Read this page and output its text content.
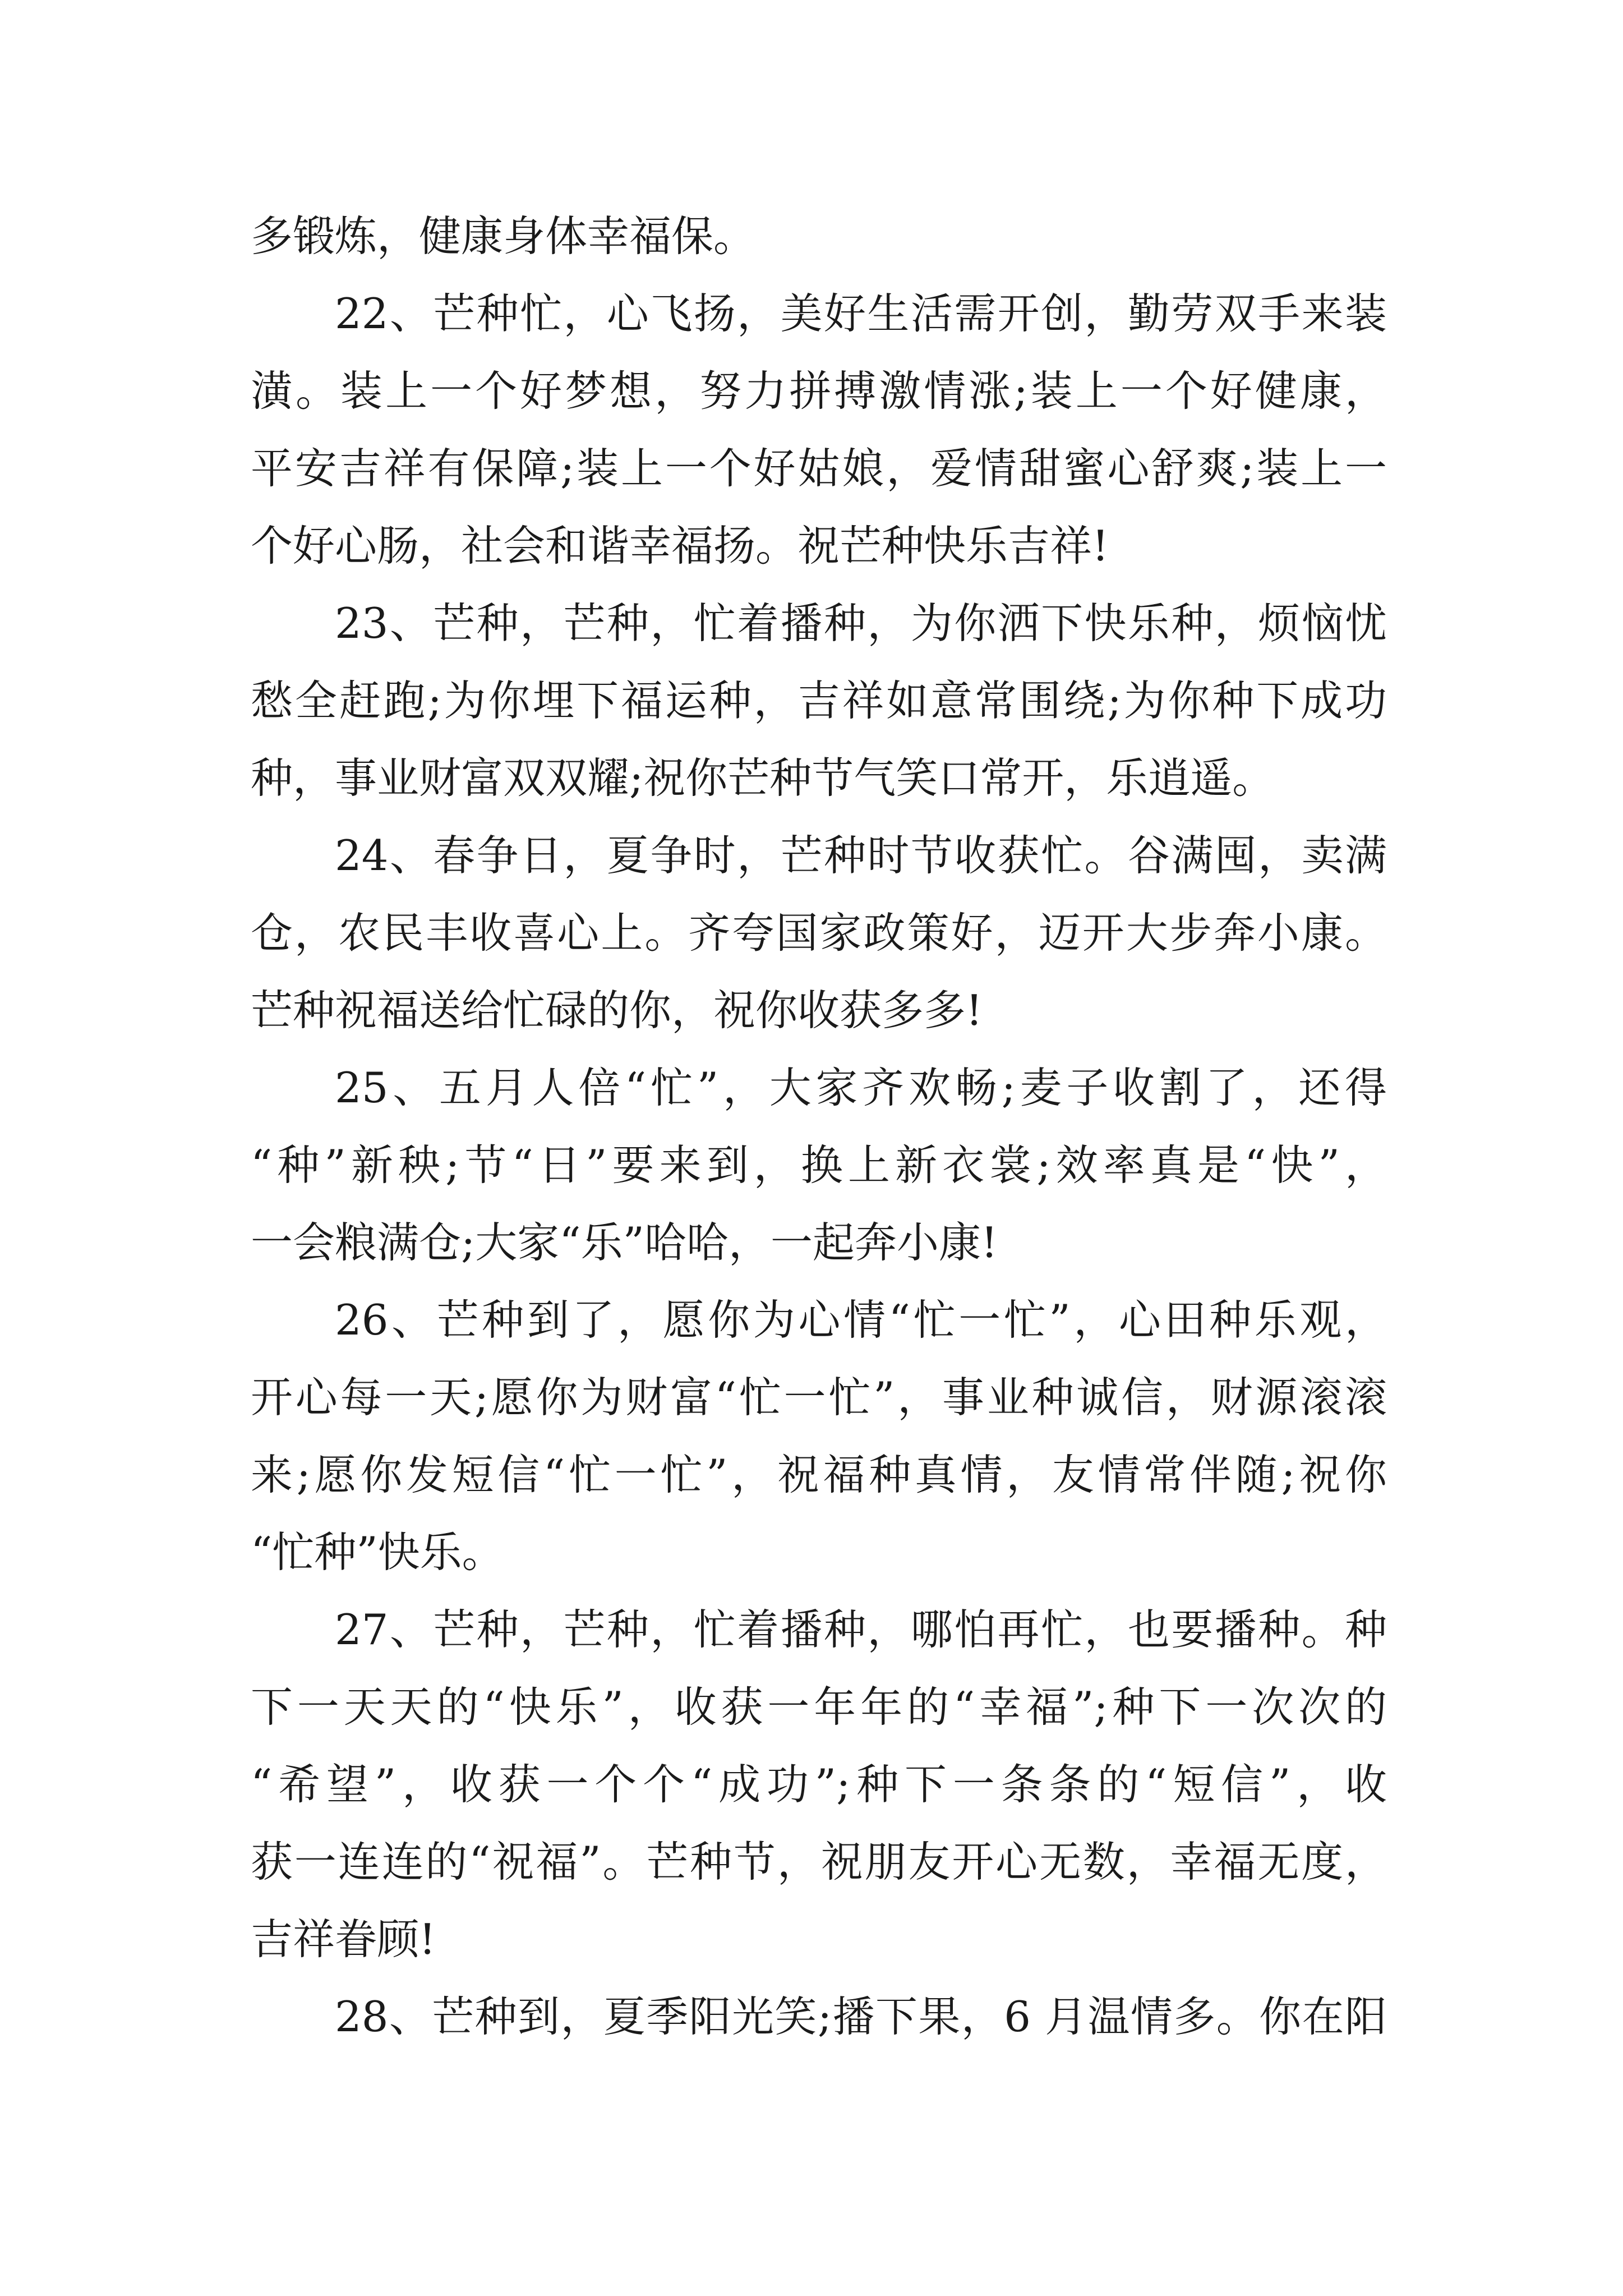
多锻炼，健康身体幸福保。
22、芒种忙，心飞扬，美好生活需开创，勤劳双手来装
潢。装上一个好梦想，努力拼搏激情涨;装上一个好健康，
平安吉祥有保障;装上一个好姑娘，爱情甜蜜心舒爽;装上一
个好心肠，社会和谐幸福扬。祝芒种快乐吉祥!
23、芒种，芒种，忙着播种，为你洒下快乐种，烦恼忧
愁全赶跑;为你埋下福运种，吉祥如意常围绕;为你种下成功
种，事业财富双双耀;祝你芒种节气笑口常开，乐逍遥。
24、春争日，夏争时，芒种时节收获忙。谷满囤，卖满
仓，农民丰收喜心上。齐夸国家政策好，迈开大步奔小康。
芒种祝福送给忙碌的你，祝你收获多多!
25、五月人倍“忙”，大家齐欢畅;麦子收割了，还得
“种”新秧;节“日”要来到，换上新衣裳;效率真是“快”，
一会粮满仓;大家“乐”哈哈，一起奔小康!
26、芒种到了，愿你为心情“忙一忙”，心田种乐观，
开心每一天;愿你为财富“忙一忙”，事业种诚信，财源滚滚
来;愿你发短信“忙一忙”，祝福种真情，友情常伴随;祝你
“忙种”快乐。
27、芒种，芒种，忙着播种，哪怕再忙，也要播种。种
下一天天的“快乐”，收获一年年的“幸福”;种下一次次的
“希望”，收获一个个“成功”;种下一条条的“短信”，收
获一连连的“祝福”。芒种节，祝朋友开心无数，幸福无度，
吉祥眷顾!
28、芒种到，夏季阳光笑;播下果，6 月温情多。你在阳
